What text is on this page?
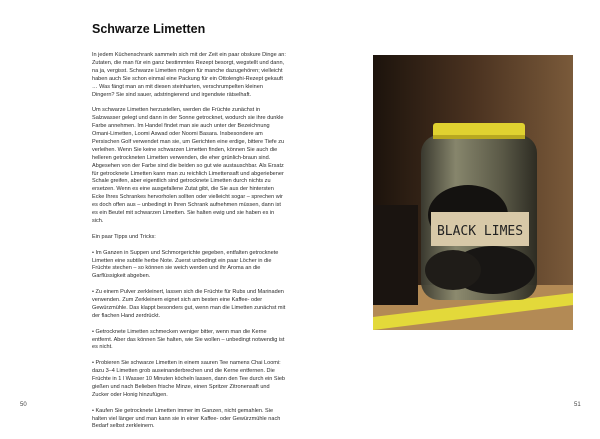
Schwarze Limetten

In jedem Küchenschrank sammeln sich mit der Zeit ein paar obskure Dinge an: Zutaten, die man für ein ganz bestimmtes Rezept besorgt, wegstellt und dann, na ja, vergisst. Schwarze Limetten mögen für manche dazugehören; vielleicht haben auch Sie schon einmal eine Packung für ein Ottolenghi-Rezept gekauft … Was fängt man an mit diesen steinharten, verschrumpelten kleinen Dingern? Sie sind sauer, adstringierend und irgendwie rätselhaft.

Um schwarze Limetten herzustellen, werden die Früchte zunächst in Salzwasser gelegt und dann in der Sonne getrocknet, wodurch sie ihre dunkle Farbe annehmen. Im Handel findet man sie auch unter der Bezeichnung Omani-Limetten, Loomi Aswad oder Noomi Basara. Insbesondere am Persischen Golf verwendet man sie, um Gerichten eine erdige, bittere Tiefe zu verleihen. Wenn Sie keine schwarzen Limetten finden, können Sie auch die helleren getrockneten Limetten verwenden, die eher grünlich-braun sind. Abgesehen von der Farbe sind die beiden so gut wie austauschbar. Als Ersatz für getrocknete Limetten kann man zu reichlich Limettensaft und abgeriebener Schale greifen, aber eigentlich sind getrocknete Limetten durch nichts zu ersetzen. Wenn es eine ausgefallene Zutat gibt, die Sie aus der hintersten Ecke Ihres Schrankes hervorholen sollten oder vielleicht sogar – sprechen wir es doch offen aus – unbedingt in Ihren Schrank aufnehmen müssen, dann ist es ein Beutel mit schwarzen Limetten. Sie halten ewig und sie haben es in sich.

Ein paar Tipps und Tricks:

• Im Ganzen in Suppen und Schmorgerichte gegeben, entfalten getrocknete Limetten eine subtile herbe Note. Zuerst unbedingt ein paar Löcher in die Früchte stechen – so können sie weich werden und ihr Aroma an die Garflüssigkeit abgeben.

• Zu einem Pulver zerkleinert, lassen sich die Früchte für Rubs und Marinaden verwenden. Zum Zerkleinern eignet sich am besten eine Kaffee- oder Gewürzmühle. Das klappt besonders gut, wenn man die Limetten zunächst mit der flachen Hand zerdrückt.

• Getrocknete Limetten schmecken weniger bitter, wenn man die Kerne entfernt. Aber das können Sie halten, wie Sie wollen – unbedingt notwendig ist es nicht.

• Probieren Sie schwarze Limetten in einem sauren Tee namens Chai Loomi: dazu 3–4 Limetten grob auseinanderbrechen und die Kerne entfernen. Die Früchte in 1 l Wasser 10 Minuten köcheln lassen, dann den Tee durch ein Sieb gießen und nach Belieben frische Minze, einen Spritzer Zitronensaft und Zucker oder Honig hinzufügen.

• Kaufen Sie getrocknete Limetten immer im Ganzen, nicht gemahlen. Sie halten viel länger und man kann sie in einer Kaffee- oder Gewürzmühle nach Bedarf selbst zerkleinern.

BLACK LIMES
50	51
